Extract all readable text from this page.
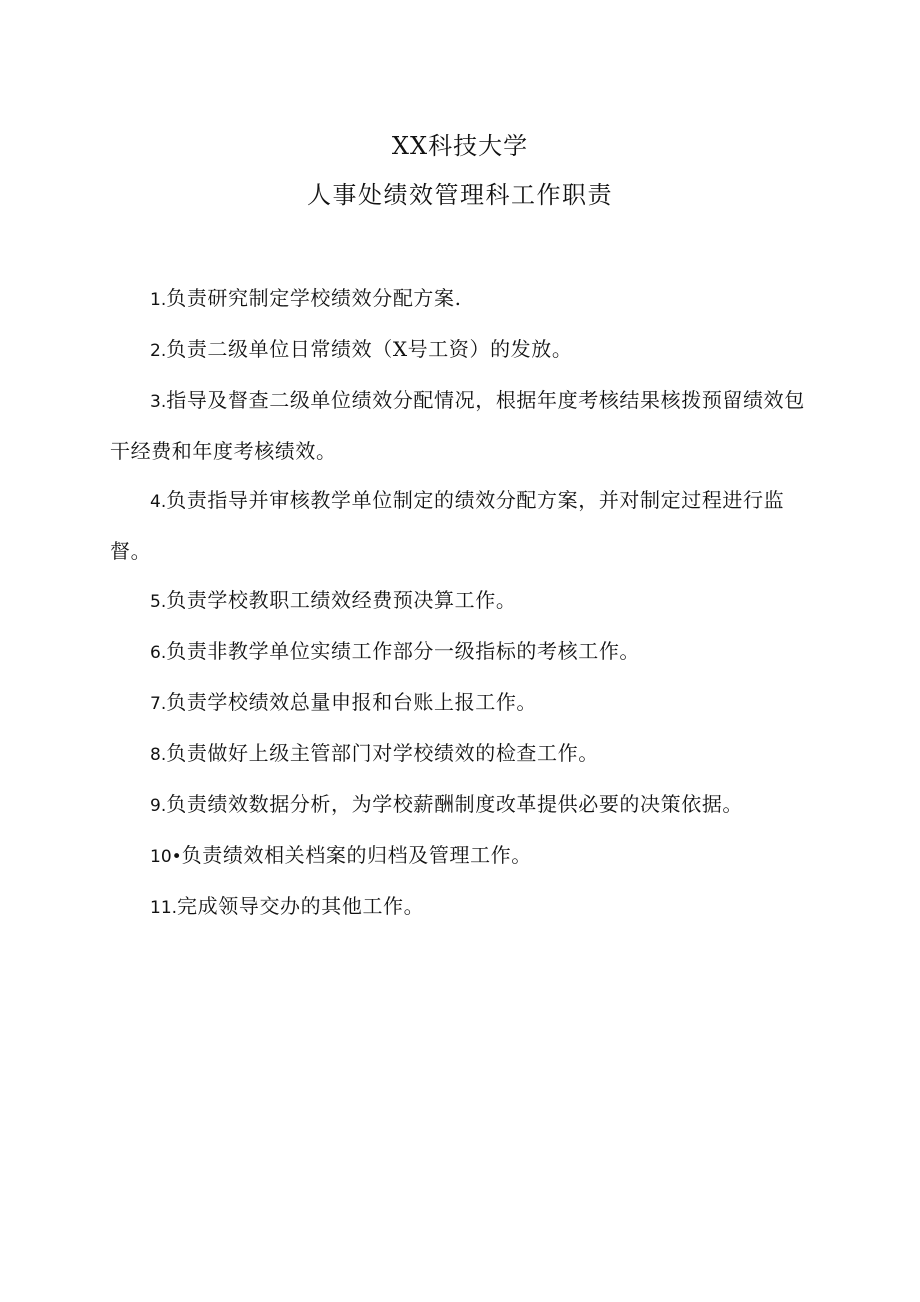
XX科技大学
人事处绩效管理科工作职责
1.负责研究制定学校绩效分配方案.
2.负责二级单位日常绩效（X号工资）的发放。
3.指导及督查二级单位绩效分配情况，根据年度考核结果核拨预留绩效包干经费和年度考核绩效。
4.负责指导并审核教学单位制定的绩效分配方案，并对制定过程进行监督。
5.负责学校教职工绩效经费预决算工作。
6.负责非教学单位实绩工作部分一级指标的考核工作。
7.负责学校绩效总量申报和台账上报工作。
8.负责做好上级主管部门对学校绩效的检查工作。
9.负责绩效数据分析，为学校薪酬制度改革提供必要的决策依据。
10•负责绩效相关档案的归档及管理工作。
11.完成领导交办的其他工作。
